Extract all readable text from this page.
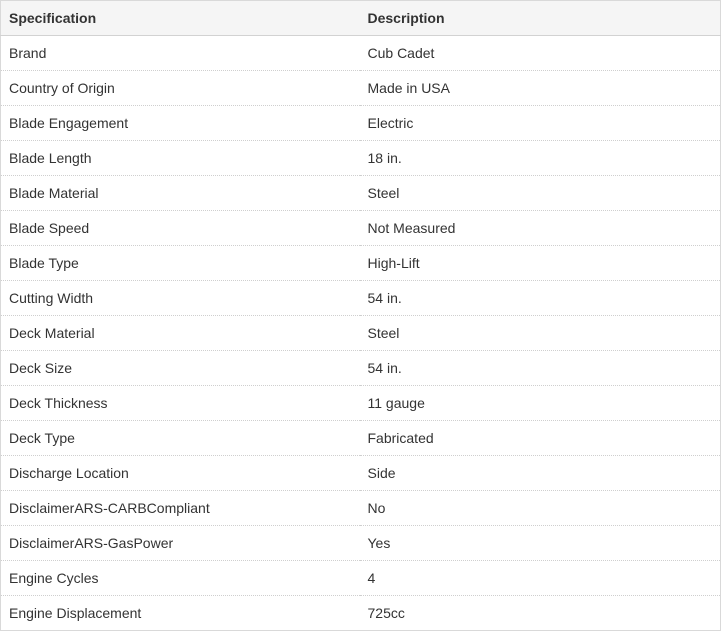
Specification	Description
Brand	Cub Cadet
Country of Origin	Made in USA
Blade Engagement	Electric
Blade Length	18 in.
Blade Material	Steel
Blade Speed	Not Measured
Blade Type	High-Lift
Cutting Width	54 in.
Deck Material	Steel
Deck Size	54 in.
Deck Thickness	11 gauge
Deck Type	Fabricated
Discharge Location	Side
DisclaimerARS-CARBCompliant	No
DisclaimerARS-GasPower	Yes
Engine Cycles	4
Engine Displacement	725cc
